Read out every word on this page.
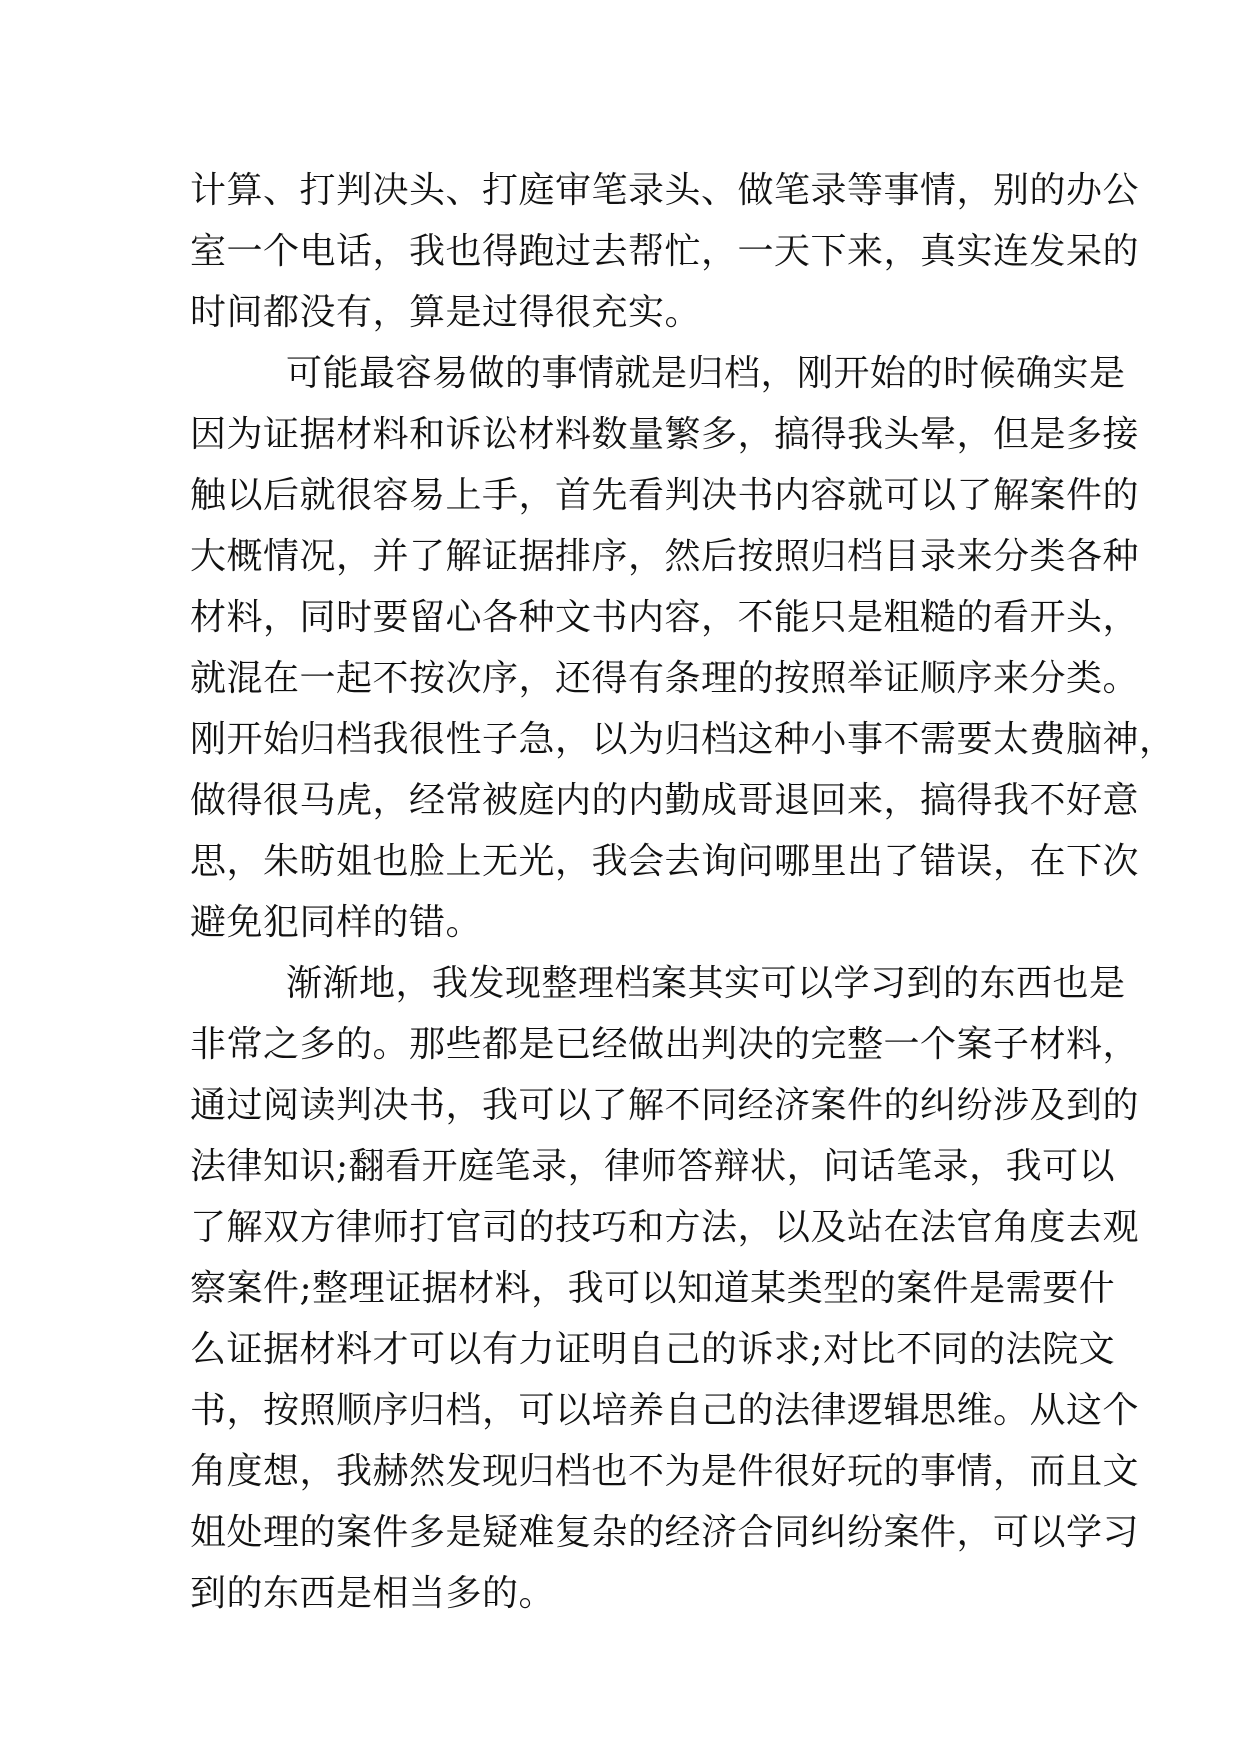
计算、打判决头、打庭审笔录头、做笔录等事情，别的办公
室一个电话，我也得跑过去帮忙，一天下来，真实连发呆的
时间都没有，算是过得很充实。
可能最容易做的事情就是归档，刚开始的时候确实是
因为证据材料和诉讼材料数量繁多，搞得我头晕，但是多接
触以后就很容易上手，首先看判决书内容就可以了解案件的
大概情况，并了解证据排序，然后按照归档目录来分类各种
材料，同时要留心各种文书内容，不能只是粗糙的看开头，
就混在一起不按次序，还得有条理的按照举证顺序来分类。
刚开始归档我很性子急，以为归档这种小事不需要太费脑神，
做得很马虎，经常被庭内的内勤成哥退回来，搞得我不好意
思，朱昉姐也脸上无光，我会去询问哪里出了错误，在下次
避免犯同样的错。
渐渐地，我发现整理档案其实可以学习到的东西也是
非常之多的。那些都是已经做出判决的完整一个案子材料，
通过阅读判决书，我可以了解不同经济案件的纠纷涉及到的
法律知识;翻看开庭笔录，律师答辩状，问话笔录，我可以
了解双方律师打官司的技巧和方法，以及站在法官角度去观
察案件;整理证据材料，我可以知道某类型的案件是需要什
么证据材料才可以有力证明自己的诉求;对比不同的法院文
书，按照顺序归档，可以培养自己的法律逻辑思维。从这个
角度想，我赫然发现归档也不为是件很好玩的事情，而且文
姐处理的案件多是疑难复杂的经济合同纠纷案件，可以学习
到的东西是相当多的。
